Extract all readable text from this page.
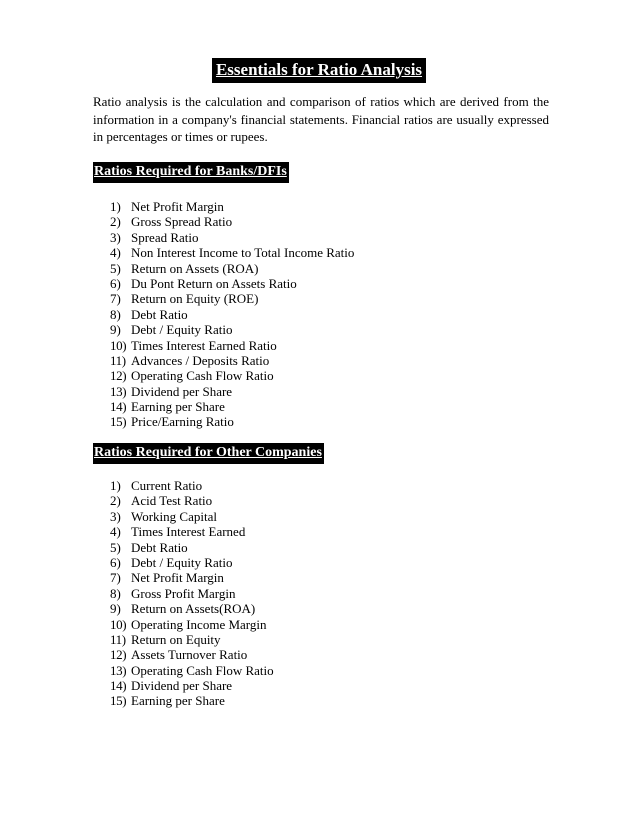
Essentials for Ratio Analysis
Ratio analysis is the calculation and comparison of ratios which are derived from the information in a company's financial statements. Financial ratios are usually expressed in percentages or times or rupees.
Ratios Required for Banks/DFIs
1) Net Profit Margin
2) Gross Spread Ratio
3) Spread Ratio
4) Non Interest Income to Total Income Ratio
5) Return on Assets (ROA)
6) Du Pont Return on Assets Ratio
7) Return on Equity (ROE)
8) Debt Ratio
9) Debt / Equity Ratio
10) Times Interest Earned Ratio
11) Advances / Deposits Ratio
12) Operating Cash Flow Ratio
13) Dividend per Share
14) Earning per Share
15) Price/Earning Ratio
Ratios Required for Other Companies
1) Current Ratio
2) Acid Test Ratio
3) Working Capital
4) Times Interest Earned
5) Debt Ratio
6) Debt / Equity Ratio
7) Net Profit Margin
8) Gross Profit Margin
9) Return on Assets(ROA)
10) Operating Income Margin
11) Return on Equity
12) Assets Turnover Ratio
13) Operating Cash Flow Ratio
14) Dividend per Share
15) Earning per Share
